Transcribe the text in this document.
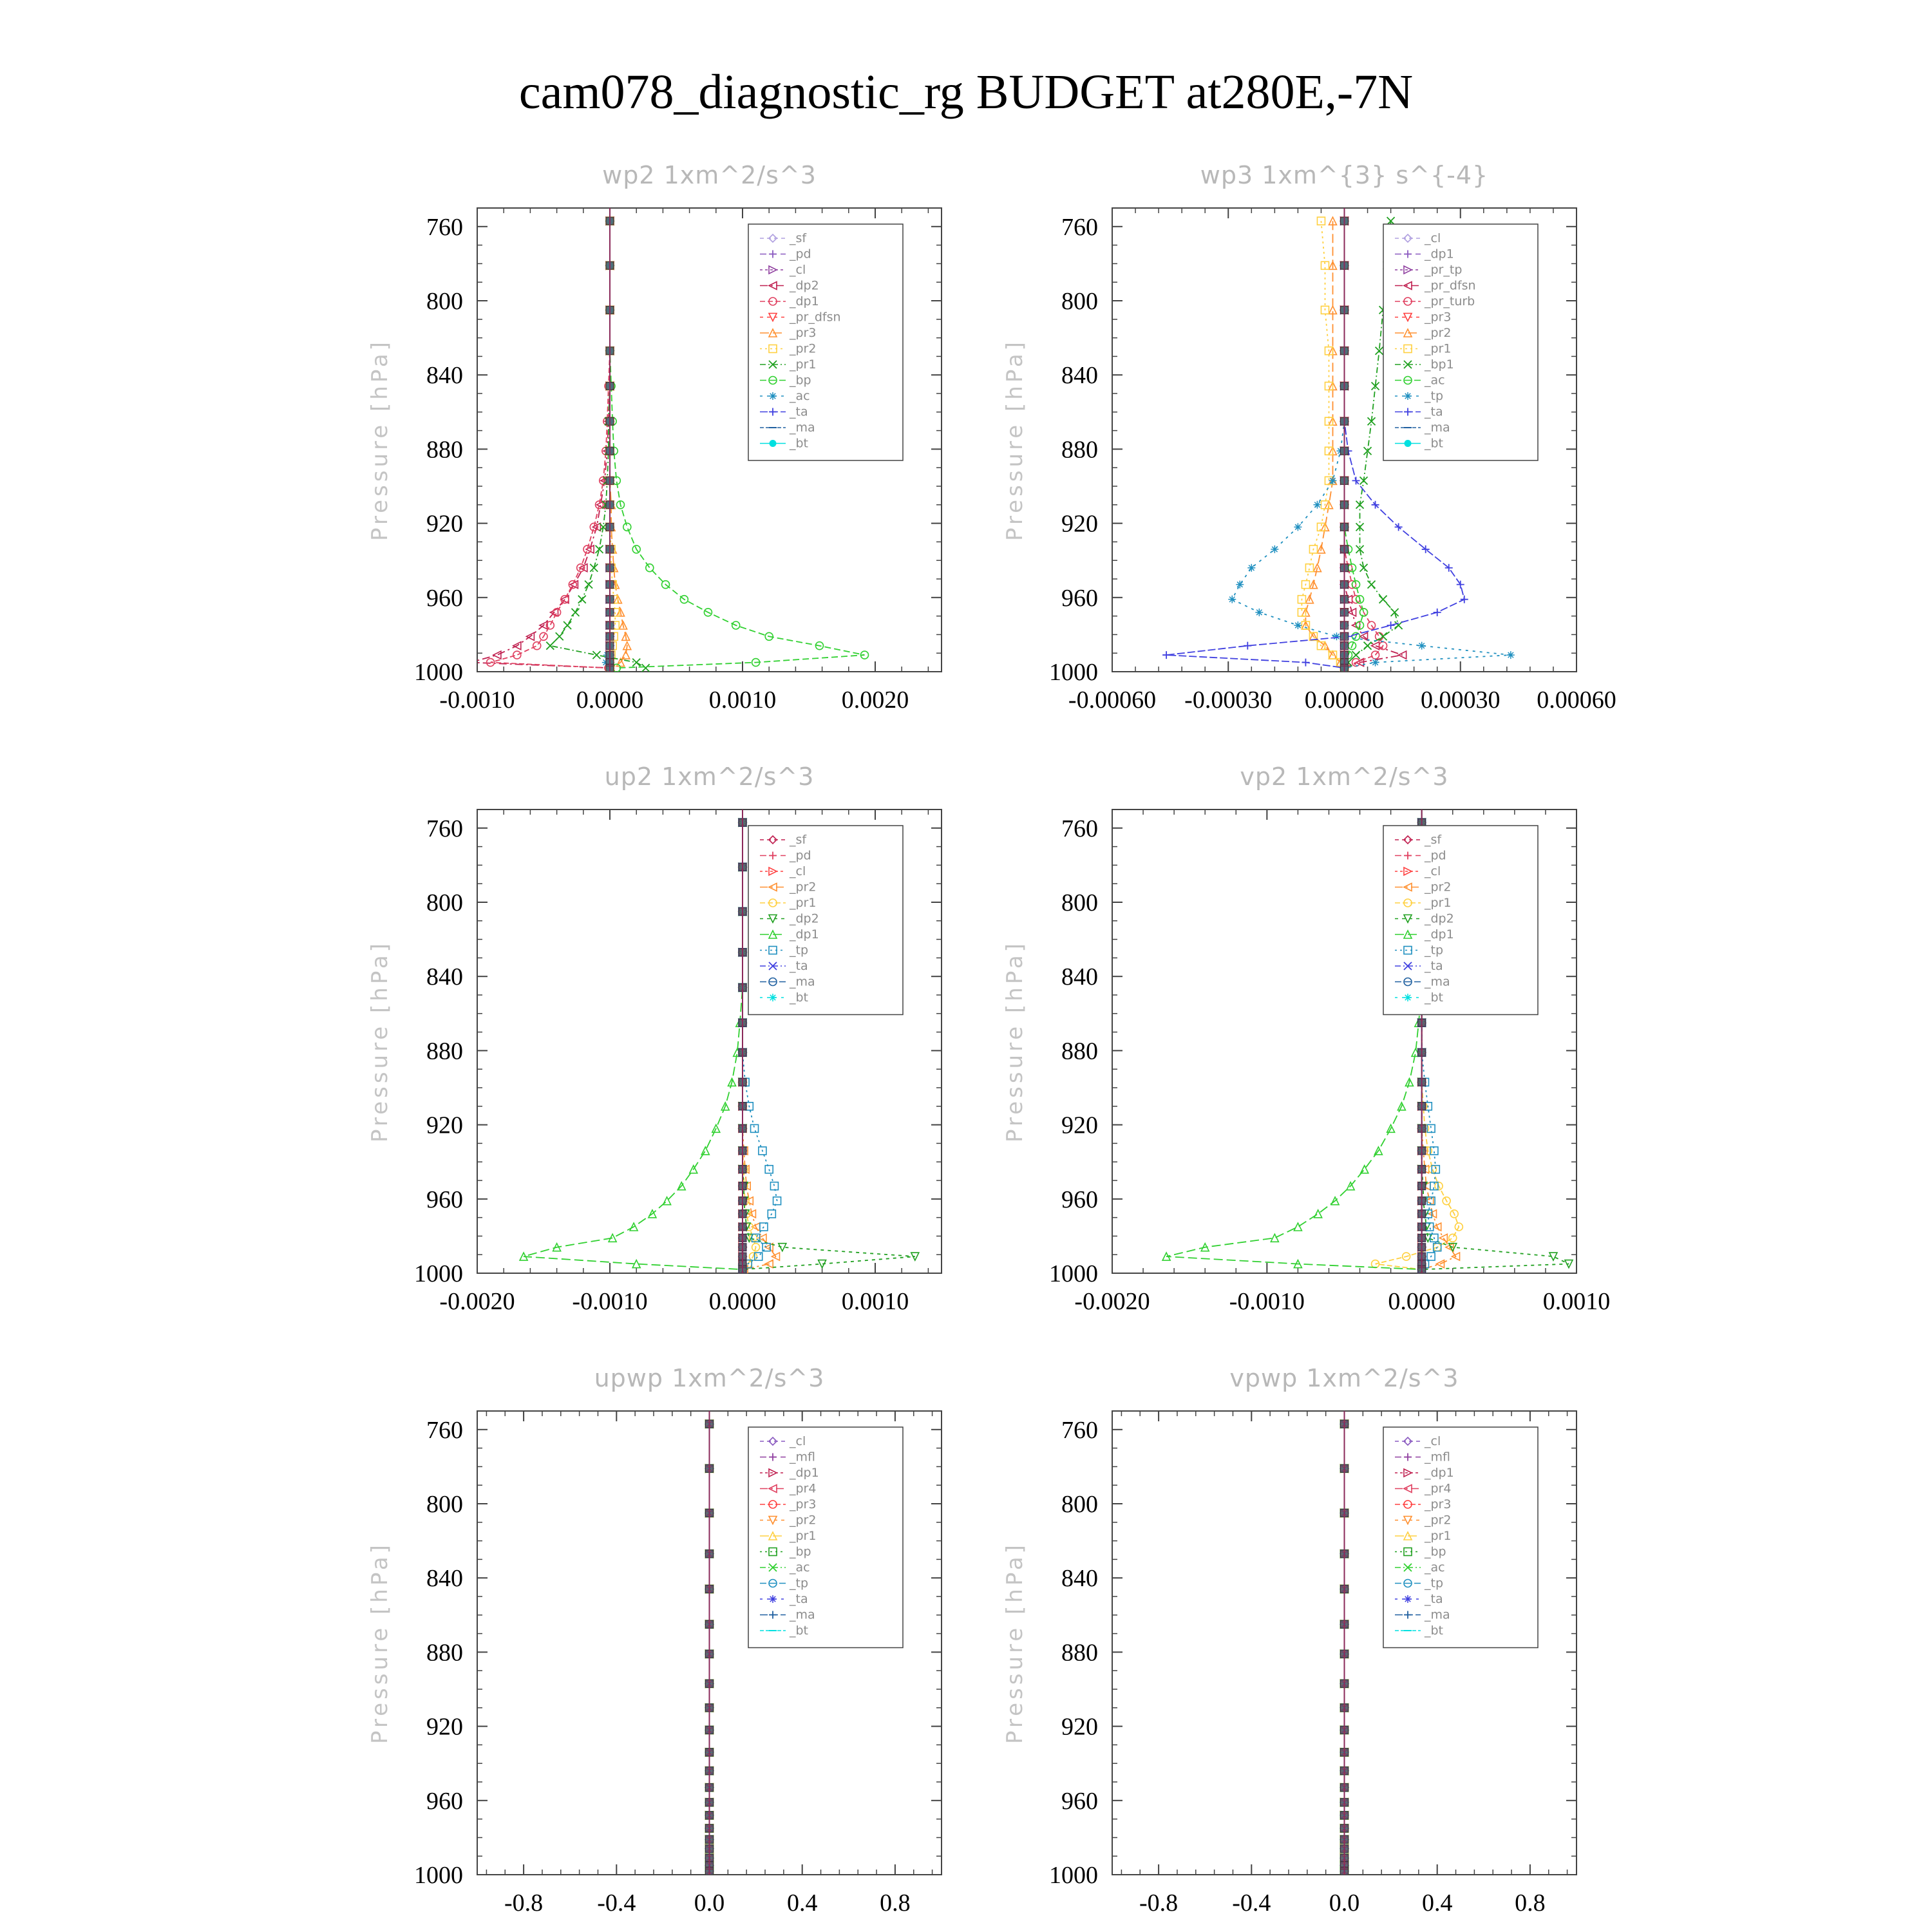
cam078_diagnostic_rg BUDGET at280E,-7N
wp2 1xm^2/s^3
Pressure [hPa]
-0.0010	0.0000	0.0010	0.0020
760
800
840
880
920
960
1000
_sf
_pd
_cl
_dp2
_dp1
_pr_dfsn
_pr3
_pr2
_pr1
_bp
_ac
_ta
_ma
_bt
wp3 1xm^{3} s^{-4}
Pressure [hPa]
-0.00060 -0.00030 0.00000 0.00030 0.00060
760
800
840
880
920
960
1000
_cl
_dp1
_pr_tp
_pr_dfsn
_pr_turb
_pr3
_pr2
_pr1
_bp1
_ac
_tp
_ta
_ma
_bt
up2 1xm^2/s^3
Pressure [hPa]
-0.0020 -0.0010	0.0000	0.0010
760
800
840
880
920
960
1000
_sf
_pd
_cl
_pr2
_pr1
_dp2
_dp1
_tp
_ta
_ma
_bt
vp2 1xm^2/s^3
Pressure [hPa]
-0.0020	-0.0010	0.0000	0.0010
760
800
840
880
920
960
1000
_sf
_pd
_cl
_pr2
_pr1
_dp2
_dp1
_tp
_ta
_ma
_bt
upwp 1xm^2/s^3
Pressure [hPa]
-0.8 -0.4 0.0	0.4	0.8
760
800
840
880
920
960
1000
_cl
_mfl
_dp1
_pr4
_pr3
_pr2
_pr1
_bp
_ac
_tp
_ta
_ma
_bt
vpwp 1xm^2/s^3
Pressure [hPa]
-0.8 -0.4 0.0	0.4	0.8
760
800
840
880
920
960
1000
_cl
_mfl
_dp1
_pr4
_pr3
_pr2
_pr1
_bp
_ac
_tp
_ta
_ma
_bt
